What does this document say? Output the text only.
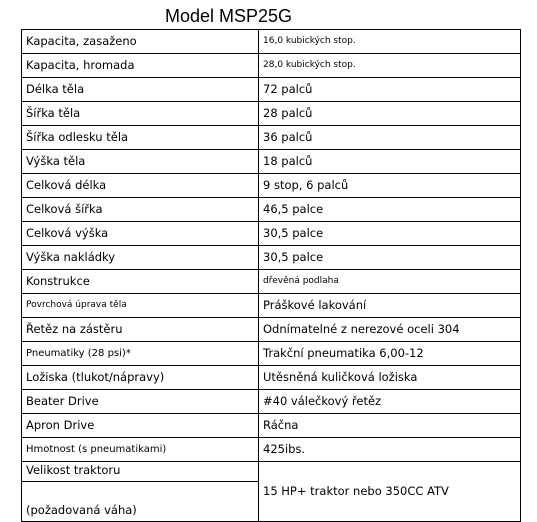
Model MSP25G
Kapacita, zasaženo	16,0 kubických stop.
Kapacita, hromada	28,0 kubických stop.
Délka těla	72 palců
Šířka těla	28 palců
Šířka odlesku těla	36 palců
Výška těla	18 palců
Celková délka	9 stop, 6 palců
Celková šířka	46,5 palce
Celková výška	30,5 palce
Výška nakládky	30,5 palce
Konstrukce	dřevěná podlaha
Povrchová úprava těla	Práškové lakování
Řetěz na zástěru	Odnímatelné z nerezové oceli 304
Pneumatiky (28 psi)*	Trakční pneumatika 6,00-12
Ložiska (tlukot/nápravy)	Utěsněná kuličková ložiska
Beater Drive	#40 válečkový řetěz
Apron Drive	Ráčna
Hmotnost (s pneumatikami)	425ibs.
Velikost traktoru	15 HP+ traktor nebo 350CC ATV
(požadovaná váha)	
